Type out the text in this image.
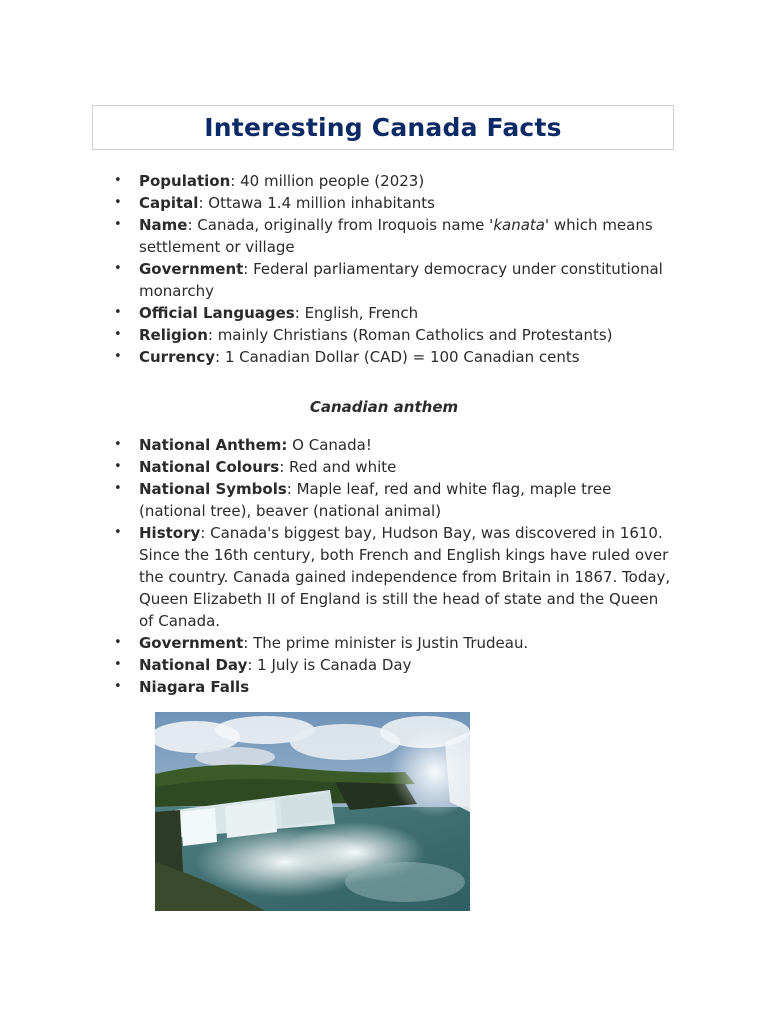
Interesting Canada Facts
• Population: 40 million people (2023)
• Capital: Ottawa 1.4 million inhabitants
• Name: Canada, originally from Iroquois name 'kanata' which means settlement or village
• Government: Federal parliamentary democracy under constitutional monarchy
• Official Languages: English, French
• Religion: mainly Christians (Roman Catholics and Protestants)
• Currency: 1 Canadian Dollar (CAD) = 100 Canadian cents
Canadian anthem
• National Anthem: O Canada!
• National Colours: Red and white
• National Symbols: Maple leaf, red and white flag, maple tree (national tree), beaver (national animal)
• History: Canada's biggest bay, Hudson Bay, was discovered in 1610. Since the 16th century, both French and English kings have ruled over the country. Canada gained independence from Britain in 1867. Today, Queen Elizabeth II of England is still the head of state and the Queen of Canada.
• Government: The prime minister is Justin Trudeau.
• National Day: 1 July is Canada Day
• Niagara Falls
